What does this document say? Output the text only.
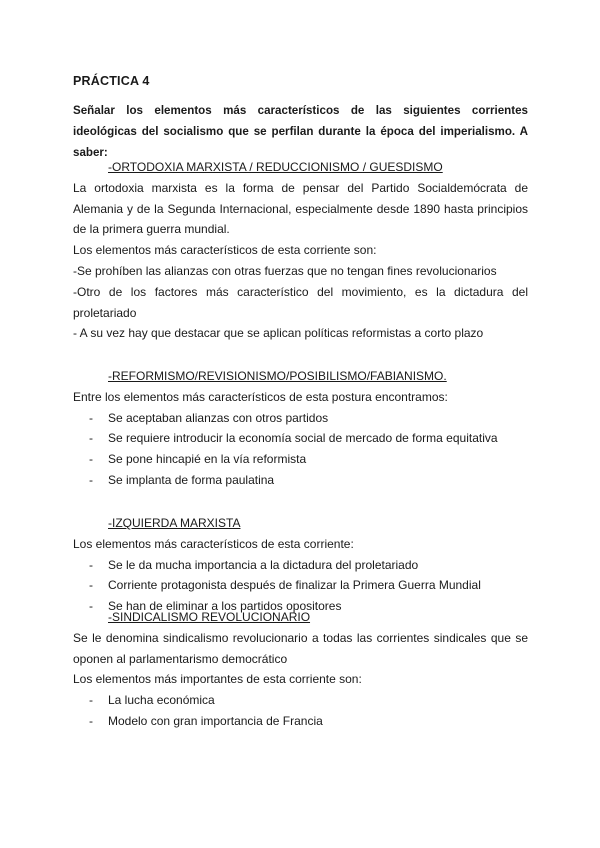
PRÁCTICA 4
Señalar los elementos más característicos de las siguientes corrientes ideológicas del socialismo que se perfilan durante la época del imperialismo. A saber:
-ORTODOXIA MARXISTA / REDUCCIONISMO / GUESDISMO
La ortodoxia marxista es la forma de pensar del Partido Socialdemócrata de Alemania y de la Segunda Internacional, especialmente desde 1890 hasta principios de la primera guerra mundial.
Los elementos más característicos de esta corriente son:
-Se prohíben las alianzas con otras fuerzas que no tengan fines revolucionarios
-Otro de los factores más característico del movimiento, es la dictadura del proletariado
- A su vez hay que destacar que se aplican políticas reformistas a corto plazo
-REFORMISMO/REVISIONISMO/POSIBILISMO/FABIANISMO.
Entre los elementos más característicos de esta postura encontramos:
- Se aceptaban alianzas con otros partidos
- Se requiere introducir la economía social de mercado de forma equitativa
- Se pone hincapié en la vía reformista
- Se implanta de forma paulatina
-IZQUIERDA MARXISTA
Los elementos más característicos de esta corriente:
- Se le da mucha importancia a la dictadura del proletariado
- Corriente protagonista después de finalizar la Primera Guerra Mundial
- Se han de eliminar a los partidos opositores
-SINDICALISMO REVOLUCIONARIO
Se le denomina sindicalismo revolucionario a todas las corrientes sindicales que se oponen al parlamentarismo democrático
Los elementos más importantes de esta corriente son:
- La lucha económica
- Modelo con gran importancia de Francia
